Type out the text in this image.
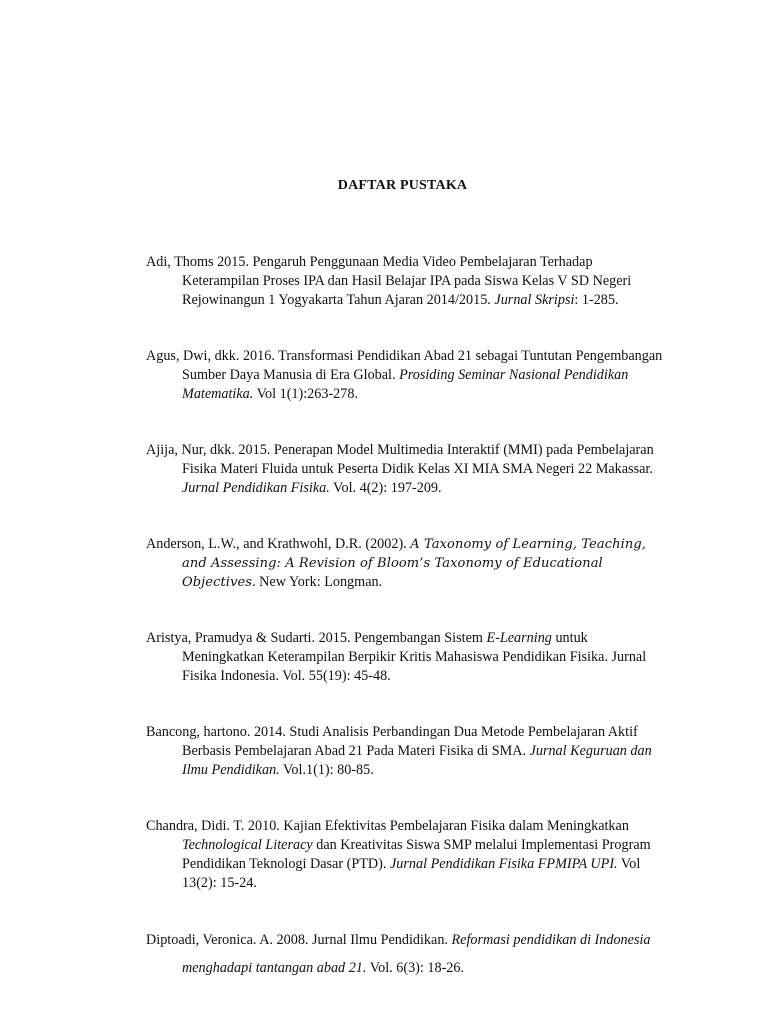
DAFTAR PUSTAKA

Adi, Thoms 2015. Pengaruh Penggunaan Media Video Pembelajaran Terhadap Keterampilan Proses IPA dan Hasil Belajar IPA pada Siswa Kelas V SD Negeri Rejowinangun 1 Yogyakarta Tahun Ajaran 2014/2015. Jurnal Skripsi: 1-285.

Agus, Dwi, dkk. 2016. Transformasi Pendidikan Abad 21 sebagai Tuntutan Pengembangan Sumber Daya Manusia di Era Global. Prosiding Seminar Nasional Pendidikan Matematika. Vol 1(1):263-278.

Ajija, Nur, dkk. 2015. Penerapan Model Multimedia Interaktif (MMI) pada Pembelajaran Fisika Materi Fluida untuk Peserta Didik Kelas XI MIA SMA Negeri 22 Makassar. Jurnal Pendidikan Fisika. Vol. 4(2): 197-209.

Anderson, L.W., and Krathwohl, D.R. (2002). A Taxonomy of Learning, Teaching, and Assessing: A Revision of Bloom’s Taxonomy of Educational Objectives. New York: Longman.

Aristya, Pramudya & Sudarti. 2015. Pengembangan Sistem E-Learning untuk Meningkatkan Keterampilan Berpikir Kritis Mahasiswa Pendidikan Fisika. Jurnal Fisika Indonesia. Vol. 55(19): 45-48.

Bancong, hartono. 2014. Studi Analisis Perbandingan Dua Metode Pembelajaran Aktif Berbasis Pembelajaran Abad 21 Pada Materi Fisika di SMA. Jurnal Keguruan dan Ilmu Pendidikan. Vol.1(1): 80-85.

Chandra, Didi. T. 2010. Kajian Efektivitas Pembelajaran Fisika dalam Meningkatkan Technological Literacy dan Kreativitas Siswa SMP melalui Implementasi Program Pendidikan Teknologi Dasar (PTD). Jurnal Pendidikan Fisika FPMIPA UPI. Vol 13(2): 15-24.

Diptoadi, Veronica. A. 2008. Jurnal Ilmu Pendidikan. Reformasi pendidikan di Indonesia menghadapi tantangan abad 21. Vol. 6(3): 18-26.
